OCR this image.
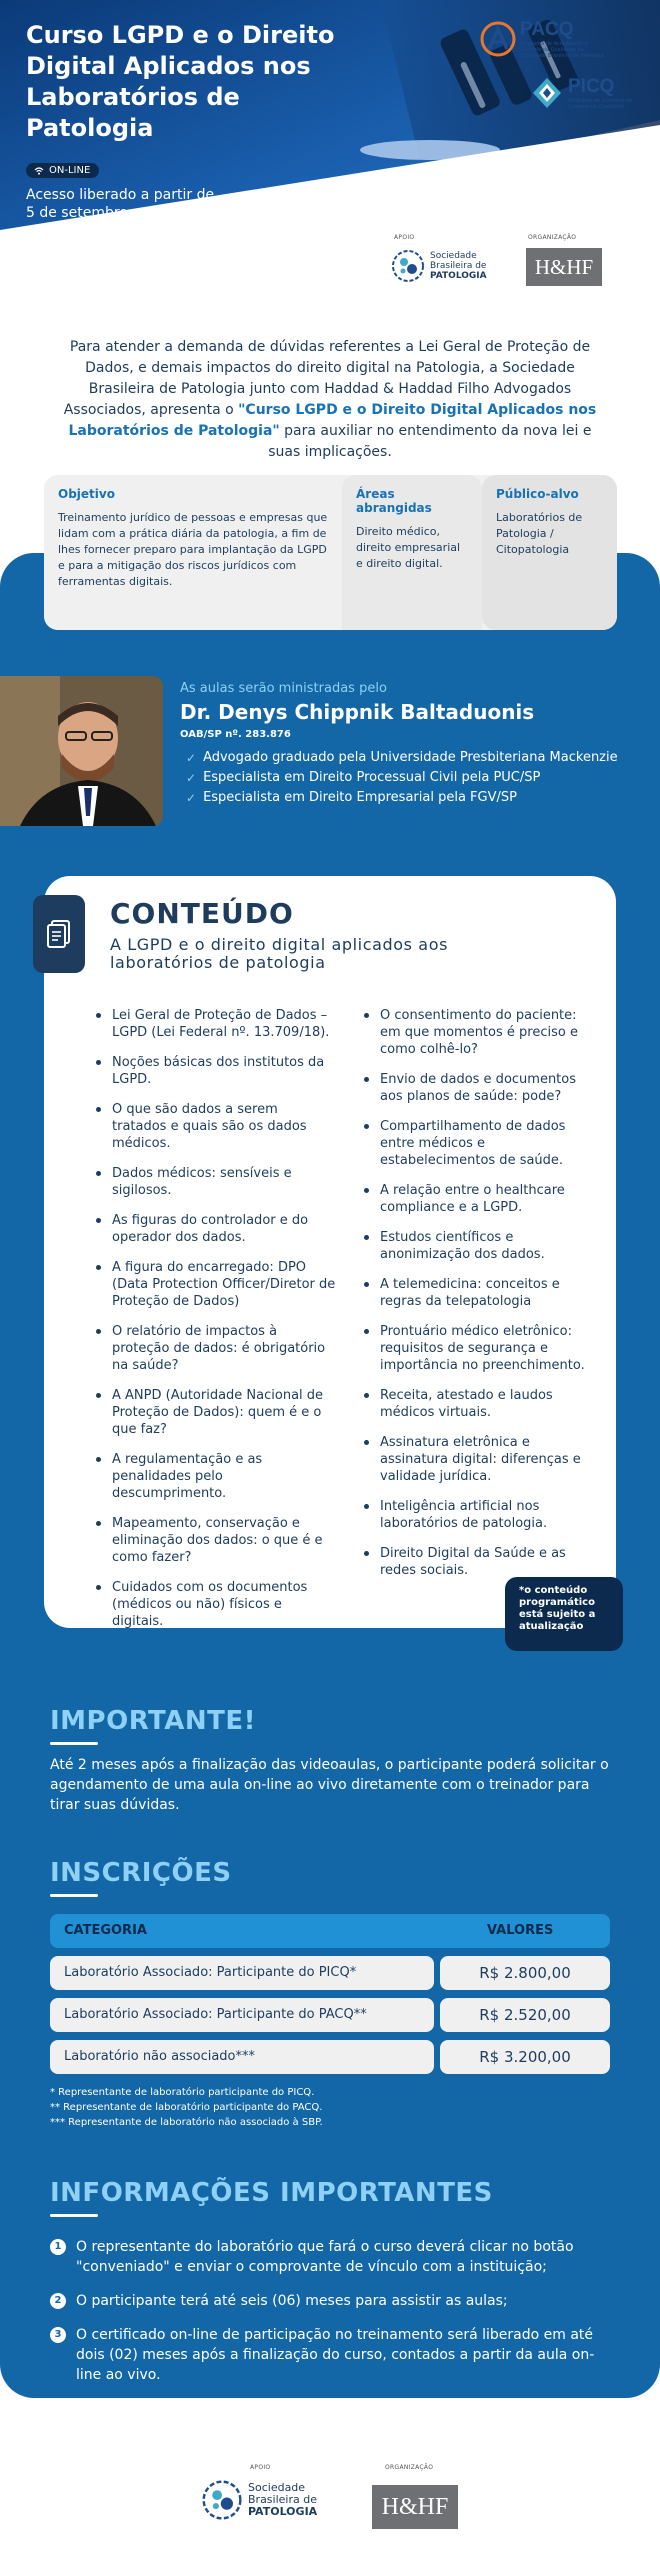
Curso LGPD e o Direito Digital Aplicados nos Laboratórios de Patologia
ON-LINE
Acesso liberado a partir de 5 de setembro
PACQ
Programa de Acreditação e Controle da Qualidade da Sociedade Brasileira de Patologia
PICQ
Programa de Incentivo ao Controle da Qualidade
APOIO
Sociedade
Brasileira de
PATOLOGIA
ORGANIZAÇÃO
H&HF
Para atender a demanda de dúvidas referentes a Lei Geral de Proteção de Dados, e demais impactos do direito digital na Patologia, a Sociedade Brasileira de Patologia junto com Haddad & Haddad Filho Advogados Associados, apresenta o "Curso LGPD e o Direito Digital Aplicados nos Laboratórios de Patologia" para auxiliar no entendimento da nova lei e suas implicações.
Objetivo
Treinamento jurídico de pessoas e empresas que lidam com a prática diária da patologia, a fim de lhes fornecer preparo para implantação da LGPD e para a mitigação dos riscos jurídicos com ferramentas digitais.
Áreas abrangidas
Direito médico, direito empresarial e direito digital.
Público-alvo
Laboratórios de Patologia / Citopatologia
As aulas serão ministradas pelo
Dr. Denys Chippnik Baltaduonis
OAB/SP nº. 283.876
✓ Advogado graduado pela Universidade Presbiteriana Mackenzie
✓ Especialista em Direito Processual Civil pela PUC/SP
✓ Especialista em Direito Empresarial pela FGV/SP
CONTEÚDO
A LGPD e o direito digital aplicados aos laboratórios de patologia
Lei Geral de Proteção de Dados – LGPD (Lei Federal nº. 13.709/18).
Noções básicas dos institutos da LGPD.
O que são dados a serem tratados e quais são os dados médicos.
Dados médicos: sensíveis e sigilosos.
As figuras do controlador e do operador dos dados.
A figura do encarregado: DPO (Data Protection Officer/Diretor de Proteção de Dados)
O relatório de impactos à proteção de dados: é obrigatório na saúde?
A ANPD (Autoridade Nacional de Proteção de Dados): quem é e o que faz?
A regulamentação e as penalidades pelo descumprimento.
Mapeamento, conservação e eliminação dos dados: o que é e como fazer?
Cuidados com os documentos (médicos ou não) físicos e digitais.
O consentimento do paciente: em que momentos é preciso e como colhê-lo?
Envio de dados e documentos aos planos de saúde: pode?
Compartilhamento de dados entre médicos e estabelecimentos de saúde.
A relação entre o healthcare compliance e a LGPD.
Estudos científicos e anonimização dos dados.
A telemedicina: conceitos e regras da telepatologia
Prontuário médico eletrônico: requisitos de segurança e importância no preenchimento.
Receita, atestado e laudos médicos virtuais.
Assinatura eletrônica e assinatura digital: diferenças e validade jurídica.
Inteligência artificial nos laboratórios de patologia.
Direito Digital da Saúde e as redes sociais.
*o conteúdo programático está sujeito a atualização
IMPORTANTE!
Até 2 meses após a finalização das videoaulas, o participante poderá solicitar o agendamento de uma aula on-line ao vivo diretamente com o treinador para tirar suas dúvidas.
INSCRIÇÕES
CATEGORIA	VALORES
Laboratório Associado: Participante do PICQ*	R$ 2.800,00
Laboratório Associado: Participante do PACQ**	R$ 2.520,00
Laboratório não associado***	R$ 3.200,00
* Representante de laboratório participante do PICQ.
** Representante de laboratório participante do PACQ.
*** Representante de laboratório não associado à SBP.
INFORMAÇÕES IMPORTANTES
1	O representante do laboratório que fará o curso deverá clicar no botão "conveniado" e enviar o comprovante de vínculo com a instituição;
2	O participante terá até seis (06) meses para assistir as aulas;
3	O certificado on-line de participação no treinamento será liberado em até dois (02) meses após a finalização do curso, contados a partir da aula on-line ao vivo.
APOIO
Sociedade
Brasileira de
PATOLOGIA
ORGANIZAÇÃO
H&HF
